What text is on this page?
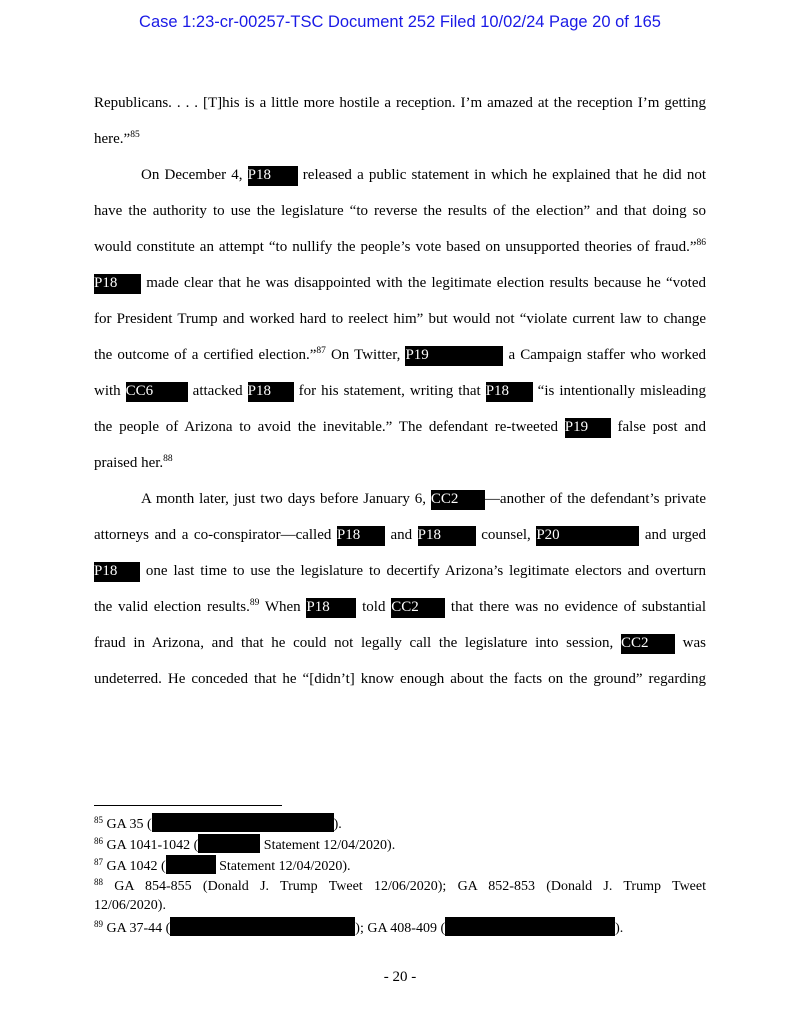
Case 1:23-cr-00257-TSC Document 252 Filed 10/02/24 Page 20 of 165
Republicans. . . . [T]his is a little more hostile a reception. I’m amazed at the reception I’m getting
here.”$^{85}$
On December 4, P18 released a public statement in which he explained that he did not
have the authority to use the legislature “to reverse the results of the election” and that doing so
would constitute an attempt “to nullify the people’s vote based on unsupported theories of fraud.”$^{86}$
P18 made clear that he was disappointed with the legitimate election results because he “voted
for President Trump and worked hard to reelect him” but would not “violate current law to change
the outcome of a certified election.”$^{87}$ On Twitter, P19	a Campaign staffer who worked
with CC6 attacked P18 for his statement, writing that P18 “is intentionally misleading
the people of Arizona to avoid the inevitable.” The defendant re-tweeted P19 false post and
praised her.$^{88}$
A month later, just two days before January 6, CC2 —another of the defendant’s private
attorneys and a co-conspirator—called P18 and P18 counsel, P20	and urged
P18 one last time to use the legislature to decertify Arizona’s legitimate electors and overturn
the valid election results.$^{89}$ When P18 told CC2 that there was no evidence of substantial
fraud in Arizona, and that he could not legally call the legislature into session, CC2 was
undeterred. He conceded that he “[didn’t] know enough about the facts on the ground” regarding
$^{85}$ GA 35 (	).
$^{86}$ GA 1041-1042 (	Statement 12/04/2020).
$^{87}$ GA 1042 (	Statement 12/04/2020).
$^{88}$ GA 854-855 (Donald J. Trump Tweet 12/06/2020); GA 852-853 (Donald J. Trump Tweet
12/06/2020).
$^{89}$ GA 37-44 (	); GA 408-409 (	).
- 20 -
